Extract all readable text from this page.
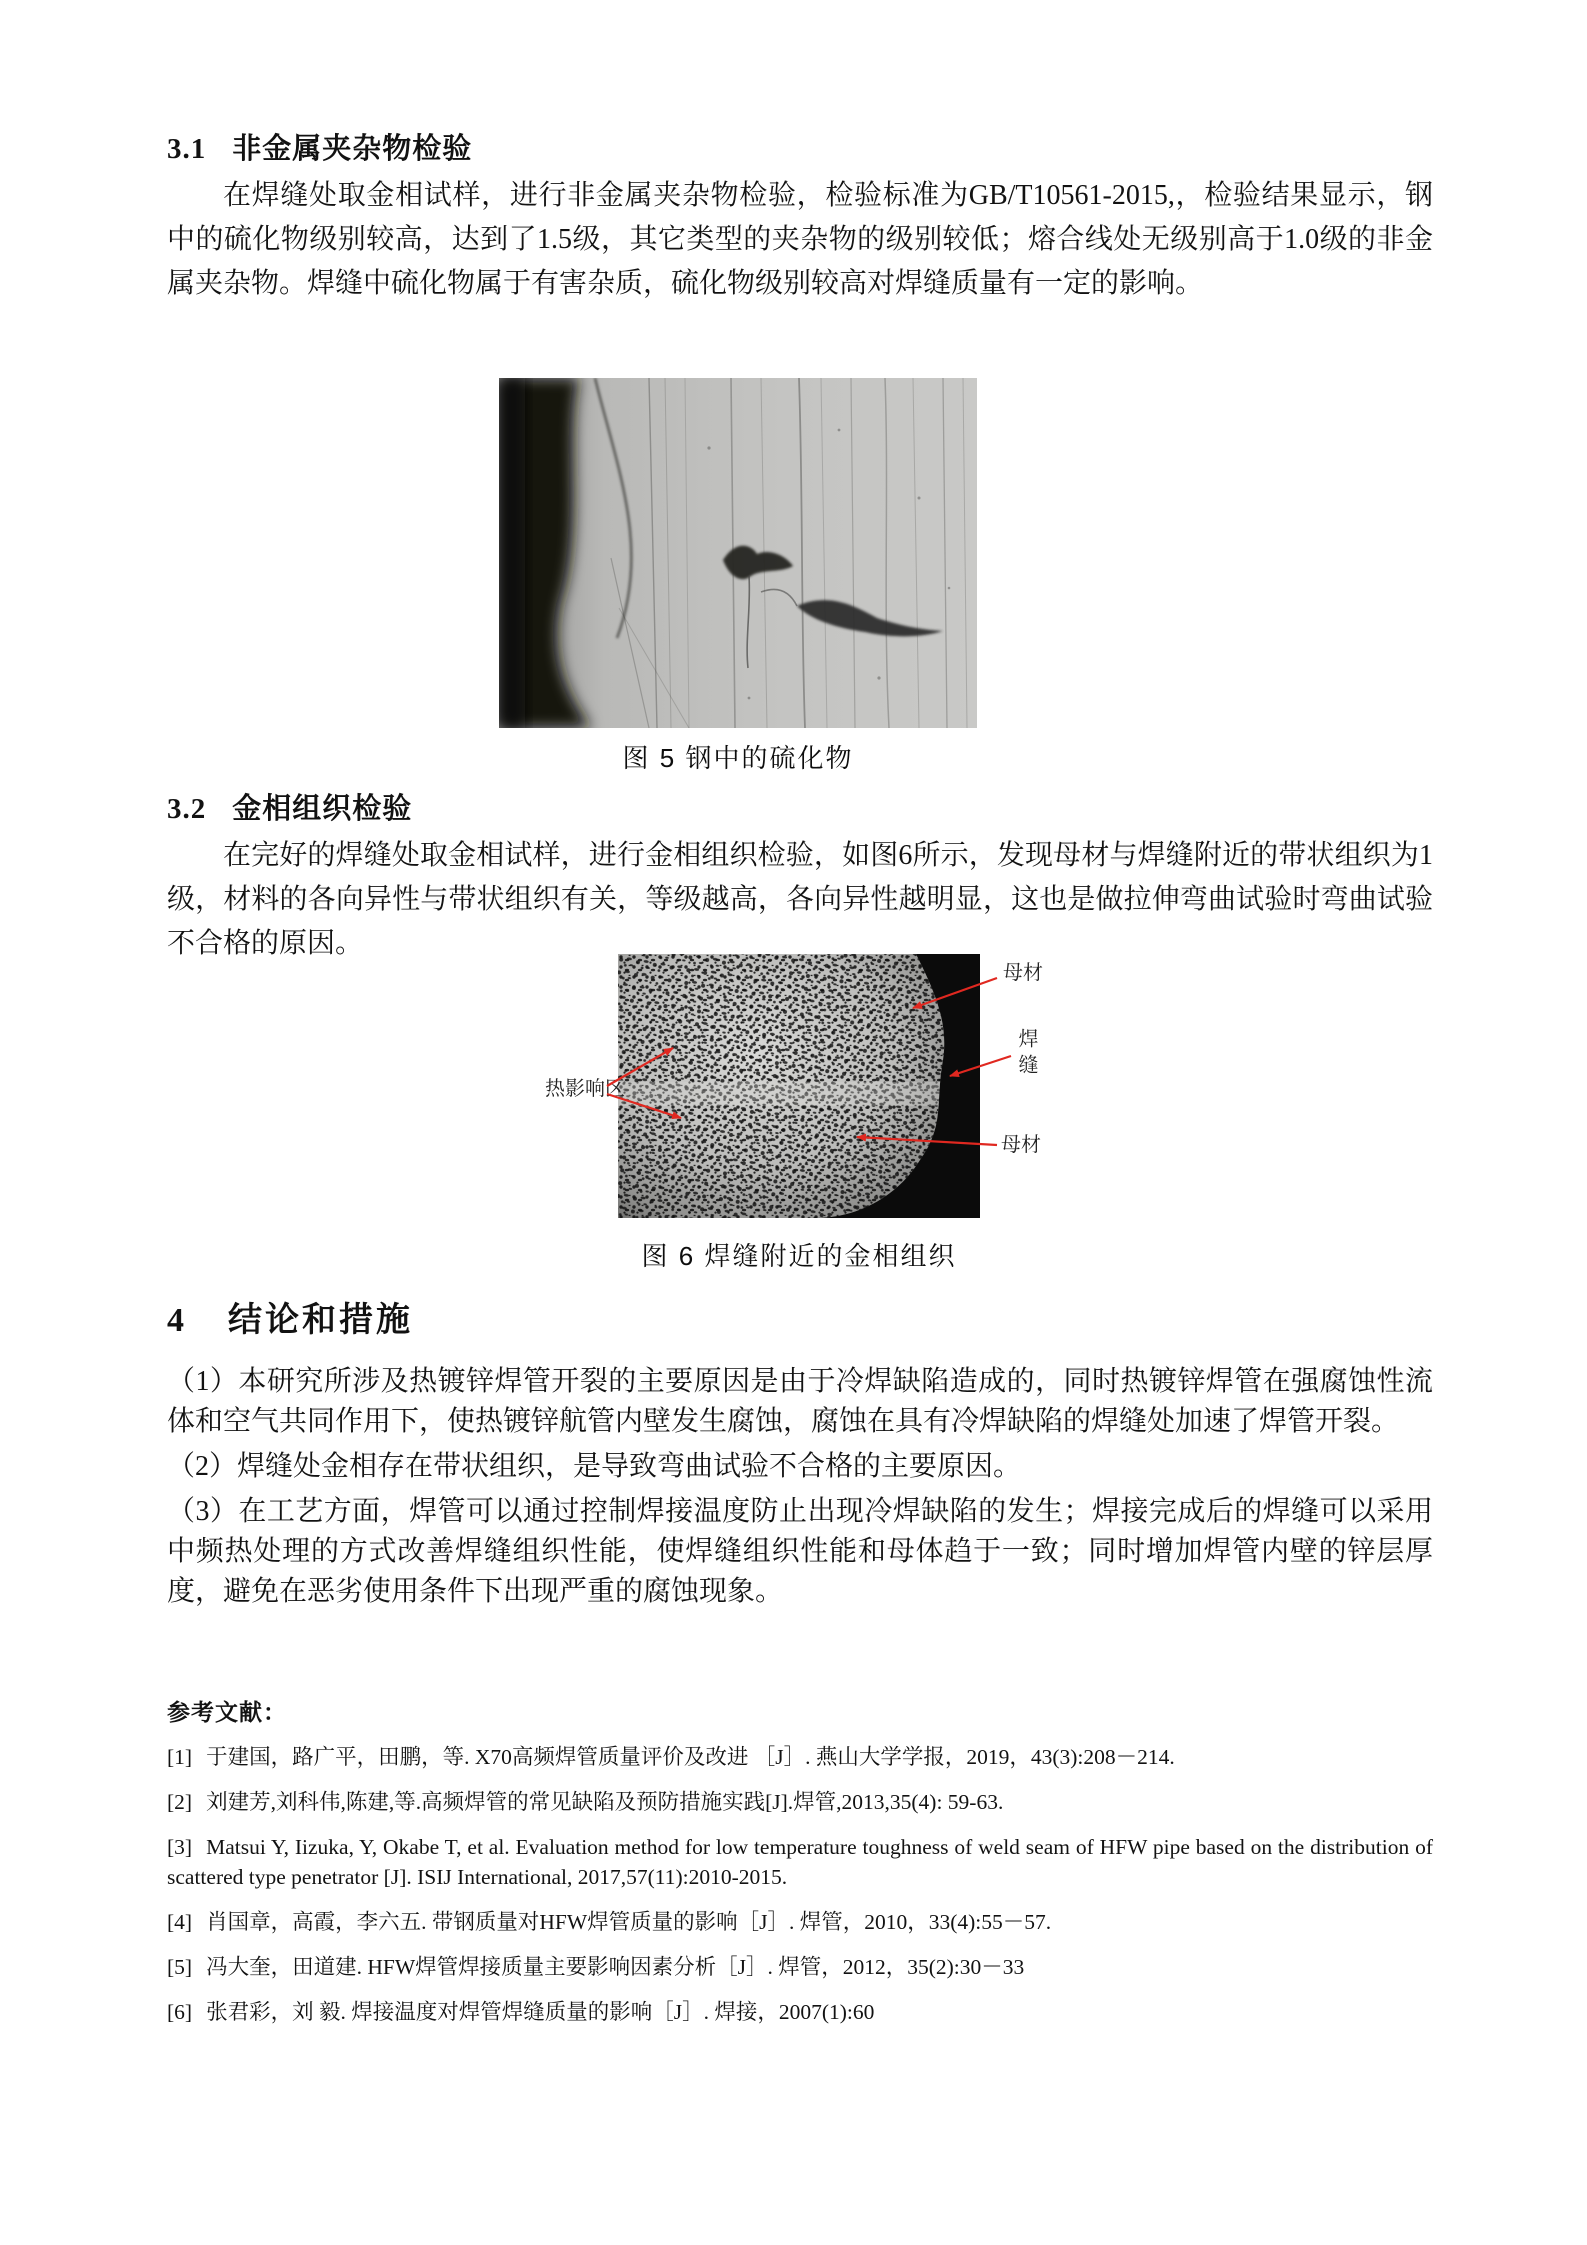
3.1 非金属夹杂物检验

在焊缝处取金相试样，进行非金属夹杂物检验，检验标准为GB/T10561-2015,，检验结果显示，钢中的硫化物级别较高，达到了1.5级，其它类型的夹杂物的级别较低；熔合线处无级别高于1.0级的非金属夹杂物。焊缝中硫化物属于有害杂质，硫化物级别较高对焊缝质量有一定的影响。

图 5 钢中的硫化物
3.2 金相组织检验

在完好的焊缝处取金相试样，进行金相组织检验，如图6所示，发现母材与焊缝附近的带状组织为1级，材料的各向异性与带状组织有关，等级越高，各向异性越明显，这也是做拉伸弯曲试验时弯曲试验不合格的原因。

热影响区
母材
焊缝
母材
图 6 焊缝附近的金相组织
4 结论和措施

（1）本研究所涉及热镀锌焊管开裂的主要原因是由于冷焊缺陷造成的，同时热镀锌焊管在强腐蚀性流体和空气共同作用下，使热镀锌航管内壁发生腐蚀，腐蚀在具有冷焊缺陷的焊缝处加速了焊管开裂。

（2）焊缝处金相存在带状组织，是导致弯曲试验不合格的主要原因。

（3）在工艺方面，焊管可以通过控制焊接温度防止出现冷焊缺陷的发生；焊接完成后的焊缝可以采用中频热处理的方式改善焊缝组织性能，使焊缝组织性能和母体趋于一致；同时增加焊管内壁的锌层厚度，避免在恶劣使用条件下出现严重的腐蚀现象。

参考文献：

[1] 于建国，路广平，田鹏，等. X70高频焊管质量评价及改进 ［J］. 燕山大学学报，2019，43(3):208－214.

[2] 刘建芳,刘科伟,陈建,等.高频焊管的常见缺陷及预防措施实践[J].焊管,2013,35(4): 59-63.

[3] Matsui Y, Iizuka, Y, Okabe T, et al. Evaluation method for low temperature toughness of weld seam of HFW pipe based on the distribution of scattered type penetrator [J]. ISIJ International, 2017,57(11):2010-2015.

[4] 肖国章，高霞，李六五. 带钢质量对HFW焊管质量的影响［J］. 焊管，2010，33(4):55－57.

[5] 冯大奎，田道建. HFW焊管焊接质量主要影响因素分析［J］. 焊管，2012，35(2):30－33

[6] 张君彩，刘 毅. 焊接温度对焊管焊缝质量的影响［J］. 焊接，2007(1):60
